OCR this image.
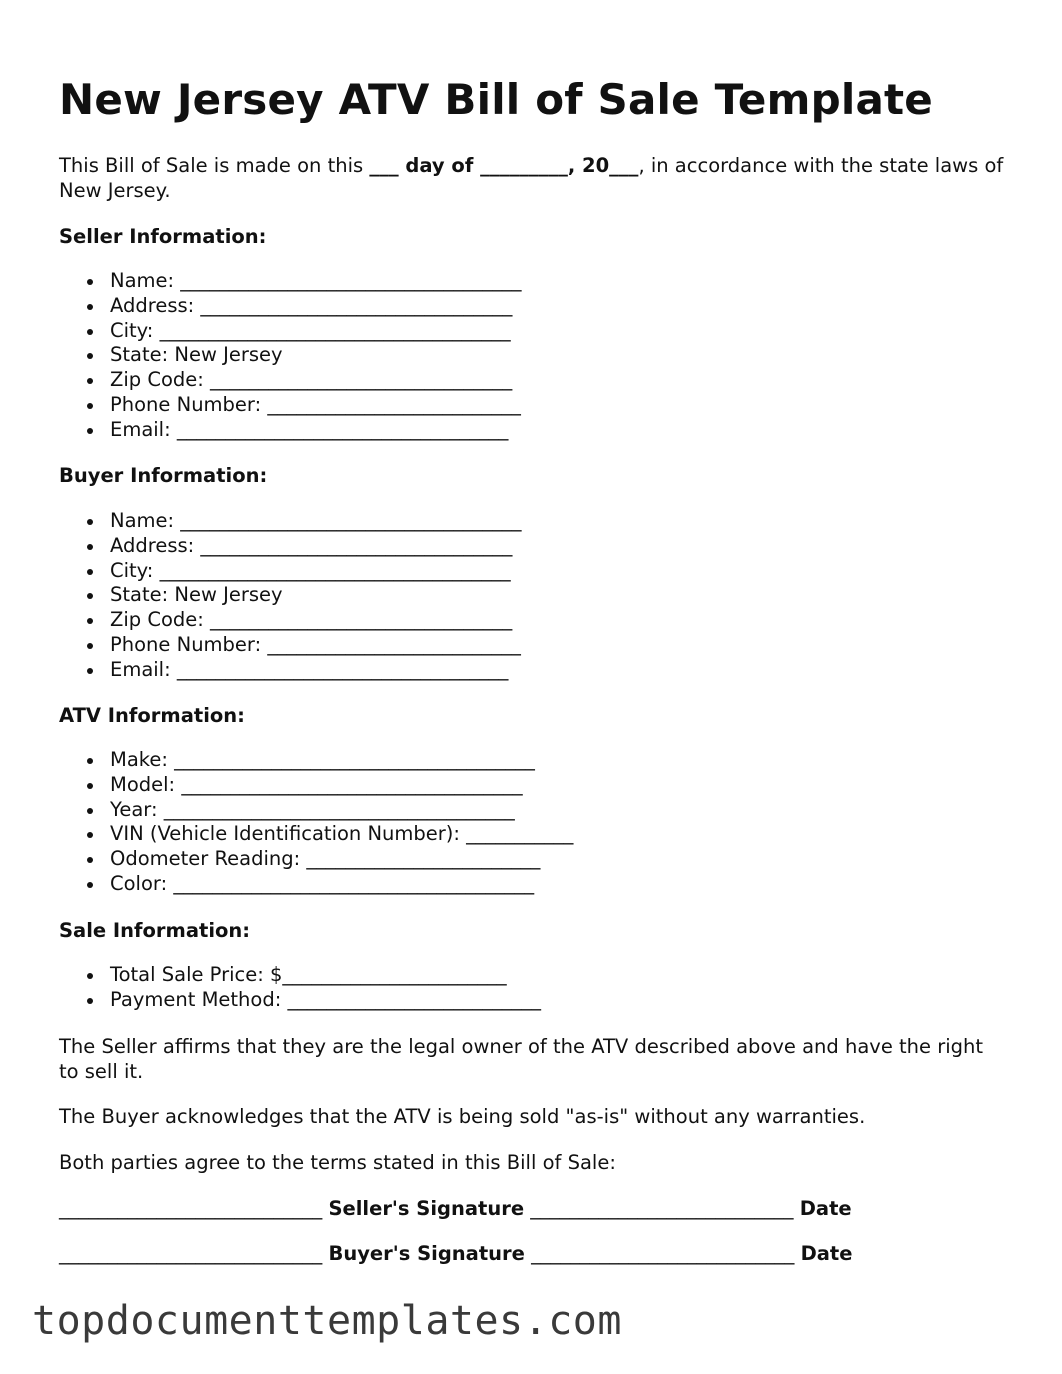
New Jersey ATV Bill of Sale Template

This Bill of Sale is made on this ___ day of _________, 20___, in accordance with the state laws of New Jersey.

Seller Information:

Name: ___________________________________
Address: ________________________________
City: ____________________________________
State: New Jersey
Zip Code: _______________________________
Phone Number: __________________________
Email: __________________________________

Buyer Information:

Name: ___________________________________
Address: ________________________________
City: ____________________________________
State: New Jersey
Zip Code: _______________________________
Phone Number: __________________________
Email: __________________________________

ATV Information:

Make: _____________________________________
Model: ___________________________________
Year: ____________________________________
VIN (Vehicle Identification Number): ___________
Odometer Reading: ________________________
Color: _____________________________________

Sale Information:

Total Sale Price: $_______________________
Payment Method: __________________________

The Seller affirms that they are the legal owner of the ATV described above and have the right to sell it.

The Buyer acknowledges that the ATV is being sold "as-is" without any warranties.

Both parties agree to the terms stated in this Bill of Sale:

___________________________ Seller's Signature ___________________________ Date

___________________________ Buyer's Signature ___________________________ Date

topdocumenttemplates.com
